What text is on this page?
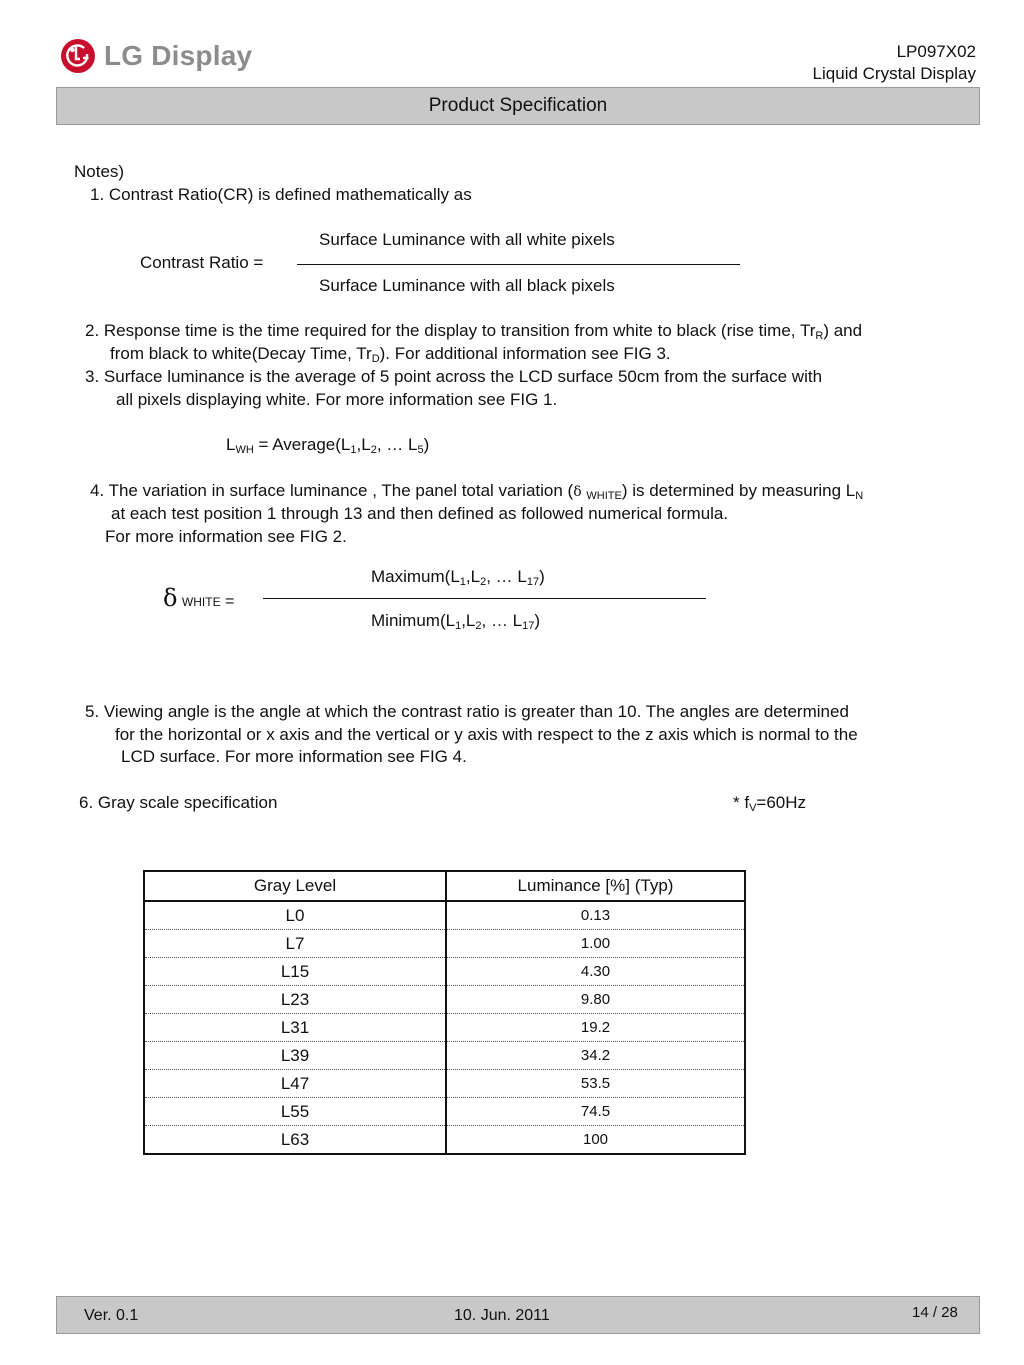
LG Display	LP097X02
Liquid Crystal Display
Product Specification
Notes)
1. Contrast Ratio(CR) is defined mathematically as
Contrast Ratio =
Surface Luminance with all white pixels
Surface Luminance with all black pixels
2. Response time is the time required for the display to transition from white to black (rise time, $Tr_R$) and
from black to white(Decay Time, $Tr_D$). For additional information see FIG 3.
3. Surface luminance is the average of 5 point across the LCD surface 50cm from the surface with
all pixels displaying white. For more information see FIG 1.
$L_{WH}$ = $Average(L_1,L_2$, … $L_5$)
4. The variation in surface luminance , The panel total variation (δ $_{WHITE}$) is determined by measuring $L_N$
at each test position 1 through 13 and then defined as followed numerical formula.
For more information see FIG 2.
δ WHITE =
$Maximum(L_1,L_2$, … $L_{17}$)
$Minimum(L_1,L_2$, … $L_{17}$)
5. Viewing angle is the angle at which the contrast ratio is greater than 10. The angles are determined
for the horizontal or x axis and the vertical or y axis with respect to the z axis which is normal to the
LCD surface. For more information see FIG 4.
6. Gray scale specification	* $f_V=60Hz$
Gray Level	Luminance [%] (Typ)
L0	0.13
L7	1.00
L15	4.30
L23	9.80
L31	19.2
L39	34.2
L47	53.5
L55	74.5
L63	100
Ver. 0.1	10. Jun. 2011	14 / 28
